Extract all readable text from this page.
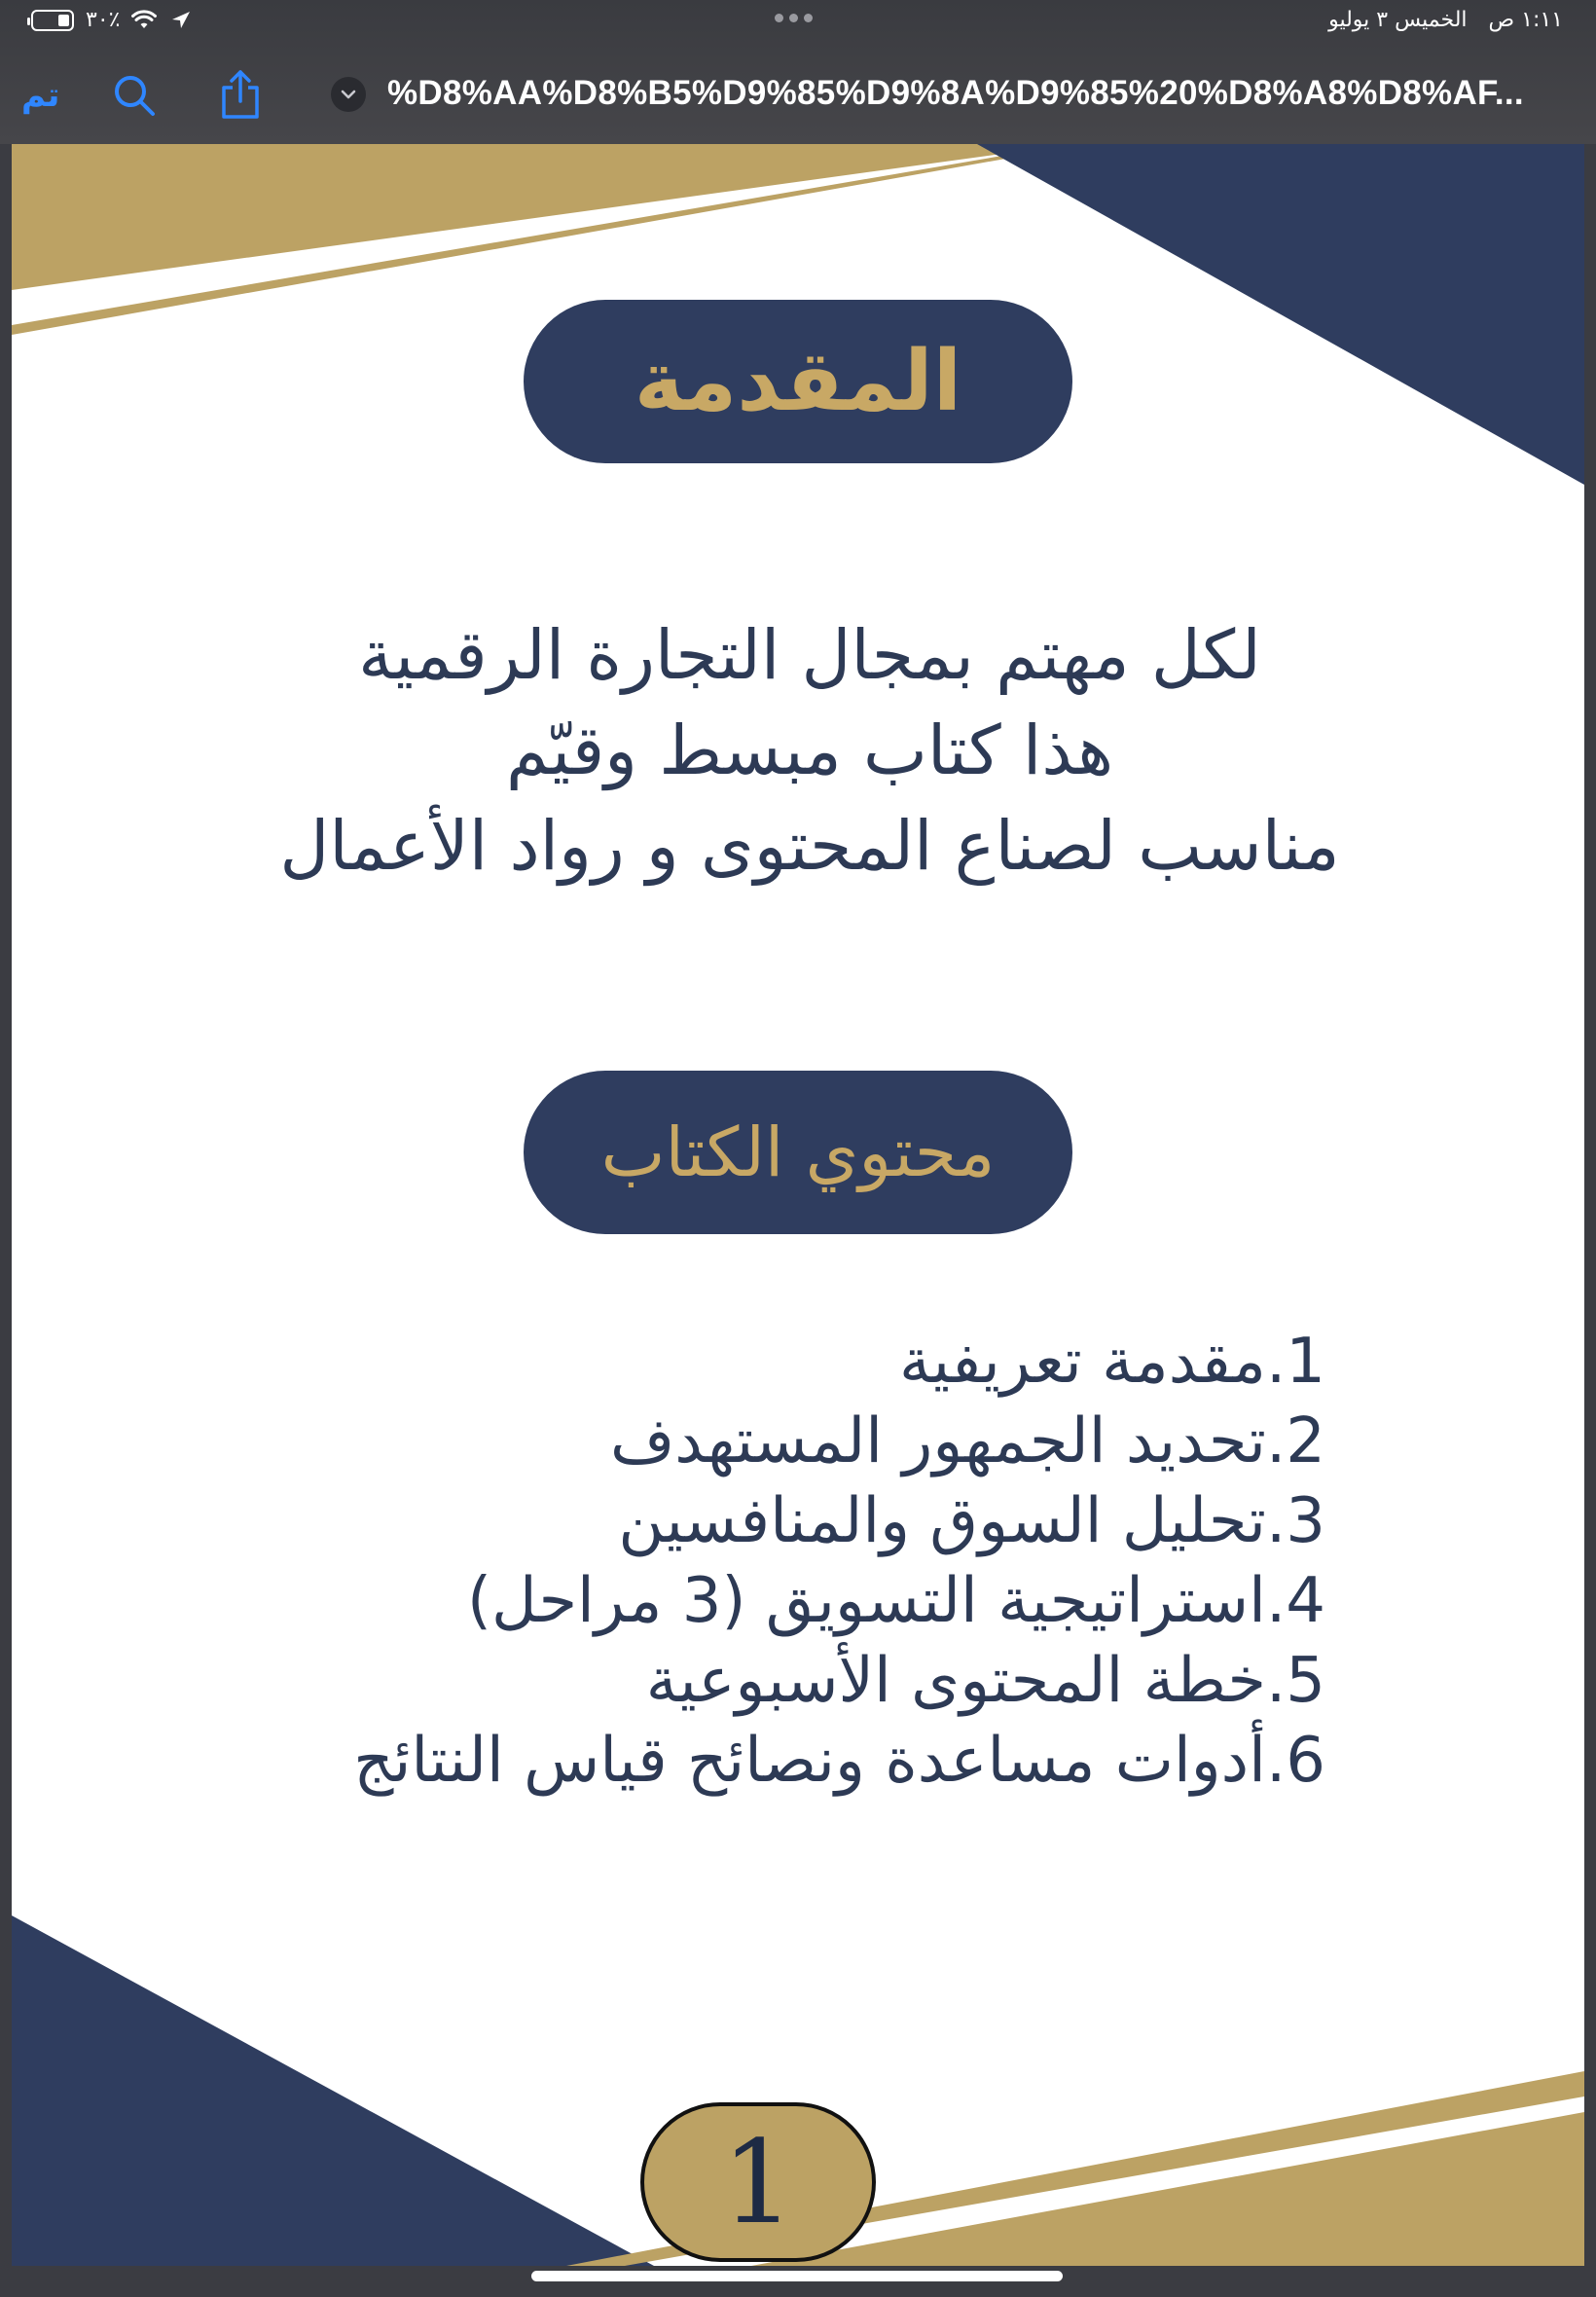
٣٠٪	١:١١ ص
الخميس ٣ يوليو
تم	%D8%AA%D8%B5%D9%85%D9%8A%D9%85%20%D8%A8%D8%AF...
المقدمة
لكل مهتم بمجال التجارة الرقمية
هذا كتاب مبسط وقيّم
مناسب لصناع المحتوى و رواد الأعمال
محتوي الكتاب
1.مقدمة تعريفية
2.تحديد الجمهور المستهدف
3.تحليل السوق والمنافسين
4.استراتيجية التسويق (3 مراحل)
5.خطة المحتوى الأسبوعية
6.أدوات مساعدة ونصائح قياس النتائج
1
